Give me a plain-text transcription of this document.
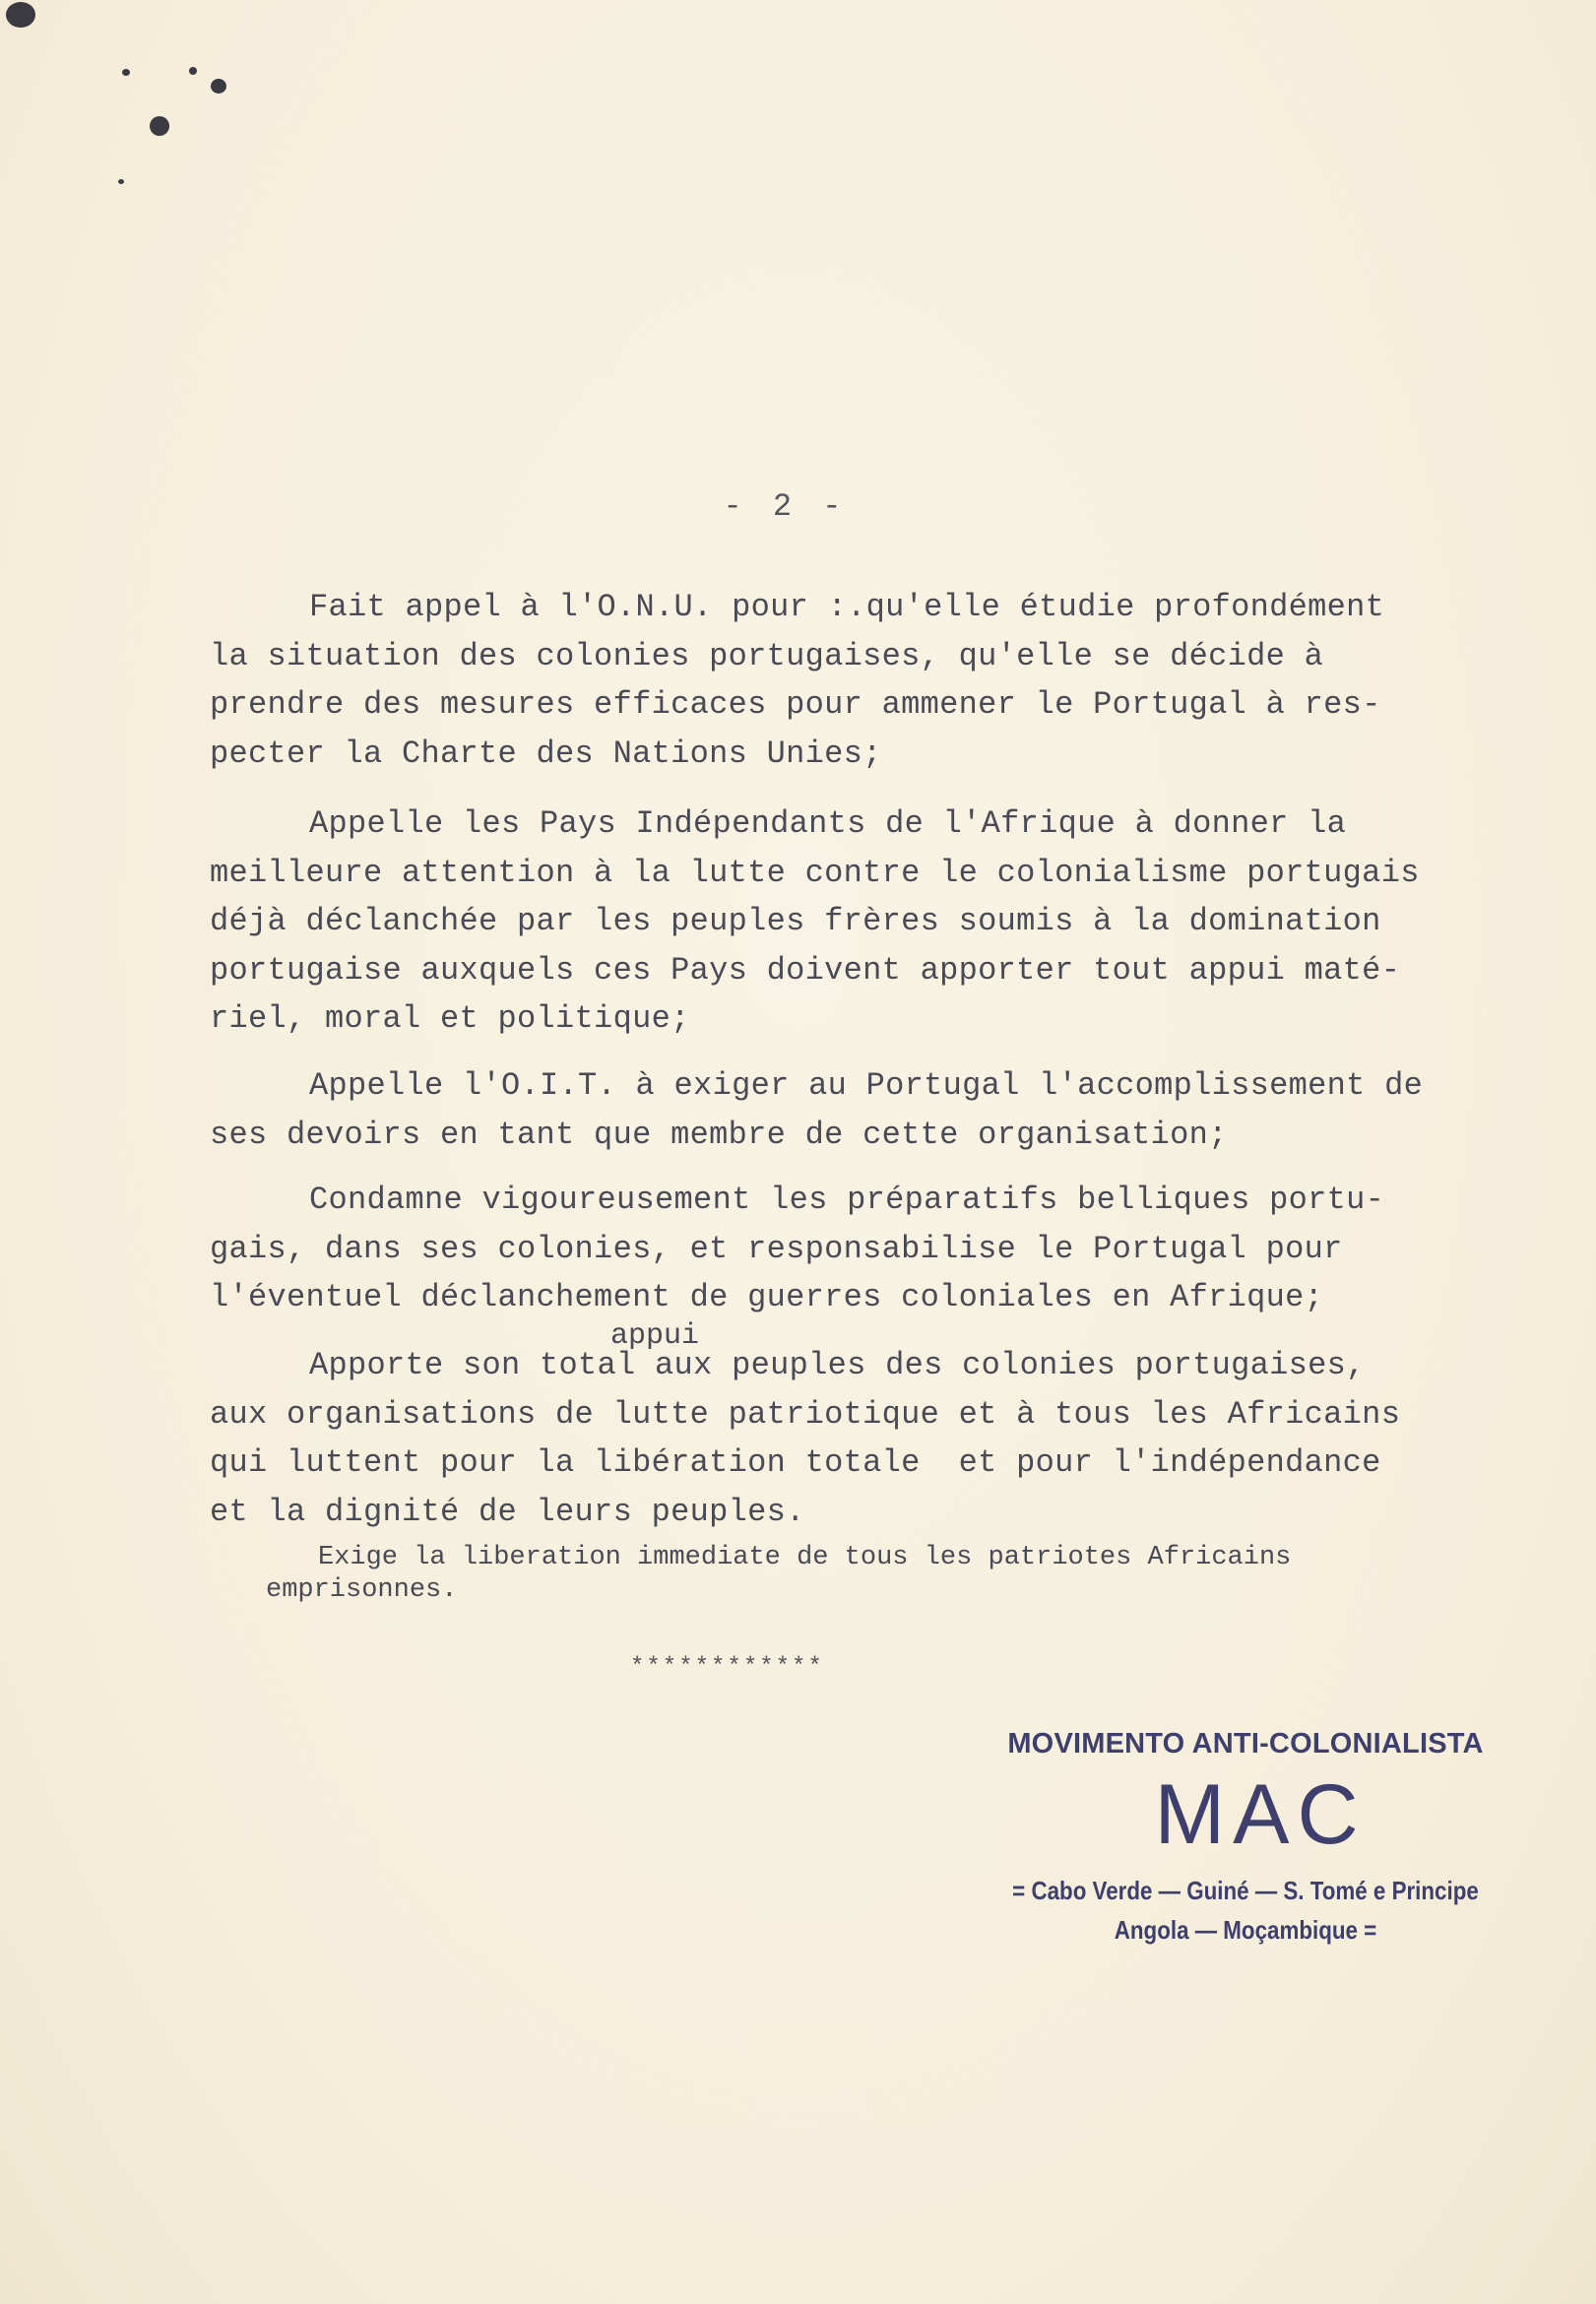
- 2 -
Fait appel à l'O.N.U. pour :.qu'elle étudie profondément
la situation des colonies portugaises, qu'elle se décide à
prendre des mesures efficaces pour ammener le Portugal à res-
pecter la Charte des Nations Unies;
Appelle les Pays Indépendants de l'Afrique à donner la
meilleure attention à la lutte contre le colonialisme portugais
déjà déclanchée par les peuples frères soumis à la domination
portugaise auxquels ces Pays doivent apporter tout appui maté-
riel, moral et politique;
Appelle l'O.I.T. à exiger au Portugal l'accomplissement de
ses devoirs en tant que membre de cette organisation;
Condamne vigoureusement les préparatifs belliques portu-
gais, dans ses colonies, et responsabilise le Portugal pour
l'éventuel déclanchement de guerres coloniales en Afrique;
appui
Apporte son total aux peuples des colonies portugaises,
aux organisations de lutte patriotique et à tous les Africains
qui luttent pour la libération totale  et pour l'indépendance
et la dignité de leurs peuples.
Exige la liberation immediate de tous les patriotes Africains
emprisonnes.
************
MOVIMENTO ANTI-COLONIALISTA
MAC
= Cabo Verde — Guiné — S. Tomé e Principe
Angola — Moçambique =
